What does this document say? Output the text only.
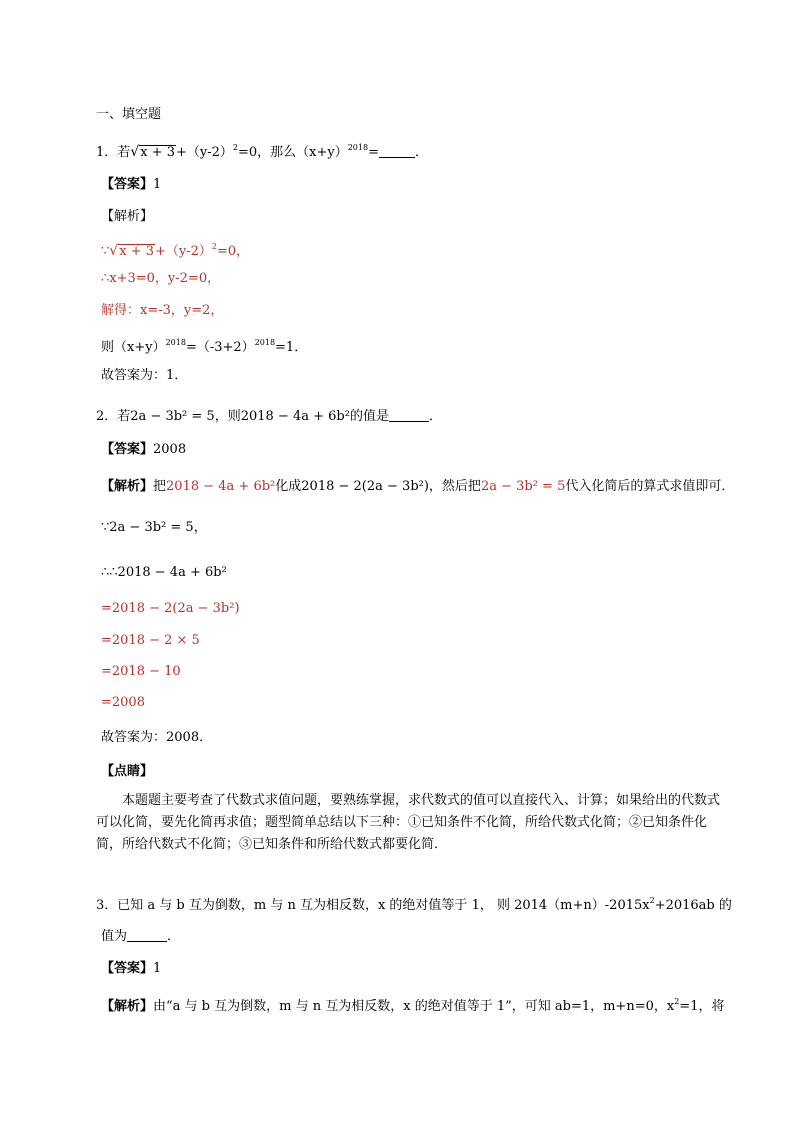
一、填空题
1．若$√x + 3+(y-2)^2=0$，那么$(x+y)^{2018}=$	．
【答案】1
【解析】
∵√x + $3+(y-2)^2=0$，
∴x+3=0，y-2=0，
解得：x=-3，y=2，
则$(x+y)^{2018}=(-3+2)^{2018}=1$．
故答案为：1．
2．若2a − 3b² = 5，则2018 − 4a + 6b²的值是	．
【答案】2008
【解析】把2018 − 4a + 6b²化成2018 − 2(2a − 3b²)，然后把2a − 3b² = 5代入化简后的算式求值即可．
∵2a − 3b² = 5，
∴∴2018 − 4a + 6b²
=2018 − 2(2a − 3b²)
=2018 − 2 × 5
=2018 − 10
=2008
故答案为：2008．
【点睛】
本题题主要考查了代数式求值问题，要熟练掌握，求代数式的值可以直接代入、计算；如果给出的代数式可以化简，要先化简再求值；题型简单总结以下三种：①已知条件不化简，所给代数式化简；②已知条件化简，所给代数式不化简；③已知条件和所给代数式都要化简．
3．已知 a 与 b 互为倒数，m 与 n 互为相反数，x 的绝对值等于 1， 则 $2014(m+n)-2015x^2+2016ab$ 的
值为	．
【答案】1
【解析】由“a 与 b 互为倒数，m 与 n 互为相反数，x 的绝对值等于 1”，可知 ab=1，m+n=0，$x^2=1$，将
